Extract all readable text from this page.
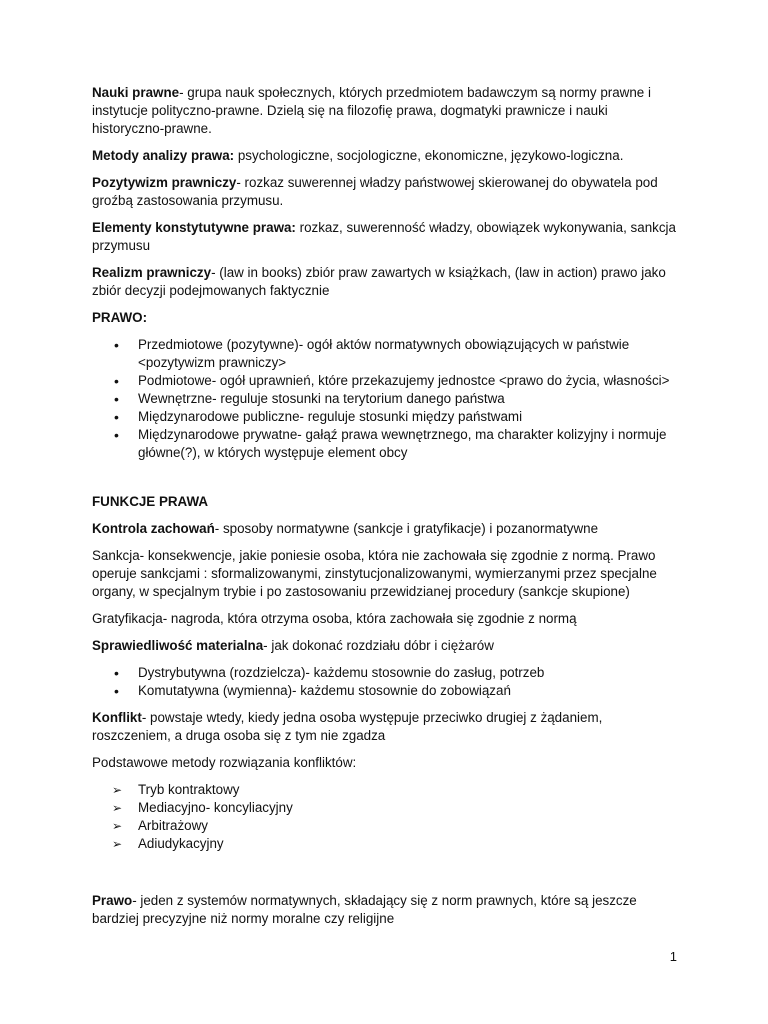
Nauki prawne- grupa nauk społecznych, których przedmiotem badawczym są normy prawne i instytucje polityczno-prawne. Dzielą się na filozofię prawa, dogmatyki prawnicze i nauki historyczno-prawne.

Metody analizy prawa: psychologiczne, socjologiczne, ekonomiczne, językowo-logiczna.

Pozytywizm prawniczy- rozkaz suwerennej władzy państwowej skierowanej do obywatela pod groźbą zastosowania przymusu.

Elementy konstytutywne prawa: rozkaz, suwerenność władzy, obowiązek wykonywania, sankcja przymusu

Realizm prawniczy- (law in books) zbiór praw zawartych w książkach, (law in action) prawo jako zbiór decyzji podejmowanych faktycznie

PRAWO:

• Przedmiotowe (pozytywne)- ogół aktów normatywnych obowiązujących w państwie <pozytywizm prawniczy>
• Podmiotowe- ogół uprawnień, które przekazujemy jednostce <prawo do życia, własności>
• Wewnętrzne- reguluje stosunki na terytorium danego państwa
• Międzynarodowe publiczne- reguluje stosunki między państwami
• Międzynarodowe prywatne- gałąź prawa wewnętrznego, ma charakter kolizyjny i normuje główne(?), w których występuje element obcy

FUNKCJE PRAWA

Kontrola zachowań- sposoby normatywne (sankcje i gratyfikacje) i pozanormatywne

Sankcja- konsekwencje, jakie poniesie osoba, która nie zachowała się zgodnie z normą. Prawo operuje sankcjami : sformalizowanymi, zinstytucjonalizowanymi, wymierzanymi przez specjalne organy, w specjalnym trybie i po zastosowaniu przewidzianej procedury (sankcje skupione)

Gratyfikacja- nagroda, która otrzyma osoba, która zachowała się zgodnie z normą

Sprawiedliwość materialna- jak dokonać rozdziału dóbr i ciężarów

• Dystrybutywna (rozdzielcza)- każdemu stosownie do zasług, potrzeb
• Komutatywna (wymienna)- każdemu stosownie do zobowiązań

Konflikt- powstaje wtedy, kiedy jedna osoba występuje przeciwko drugiej z żądaniem, roszczeniem, a druga osoba się z tym nie zgadza

Podstawowe metody rozwiązania konfliktów:

➢ Tryb kontraktowy
➢ Mediacyjno- koncyliacyjny
➢ Arbitrażowy
➢ Adiudykacyjny

Prawo- jeden z systemów normatywnych, składający się z norm prawnych, które są jeszcze bardziej precyzyjne niż normy moralne czy religijne

1
